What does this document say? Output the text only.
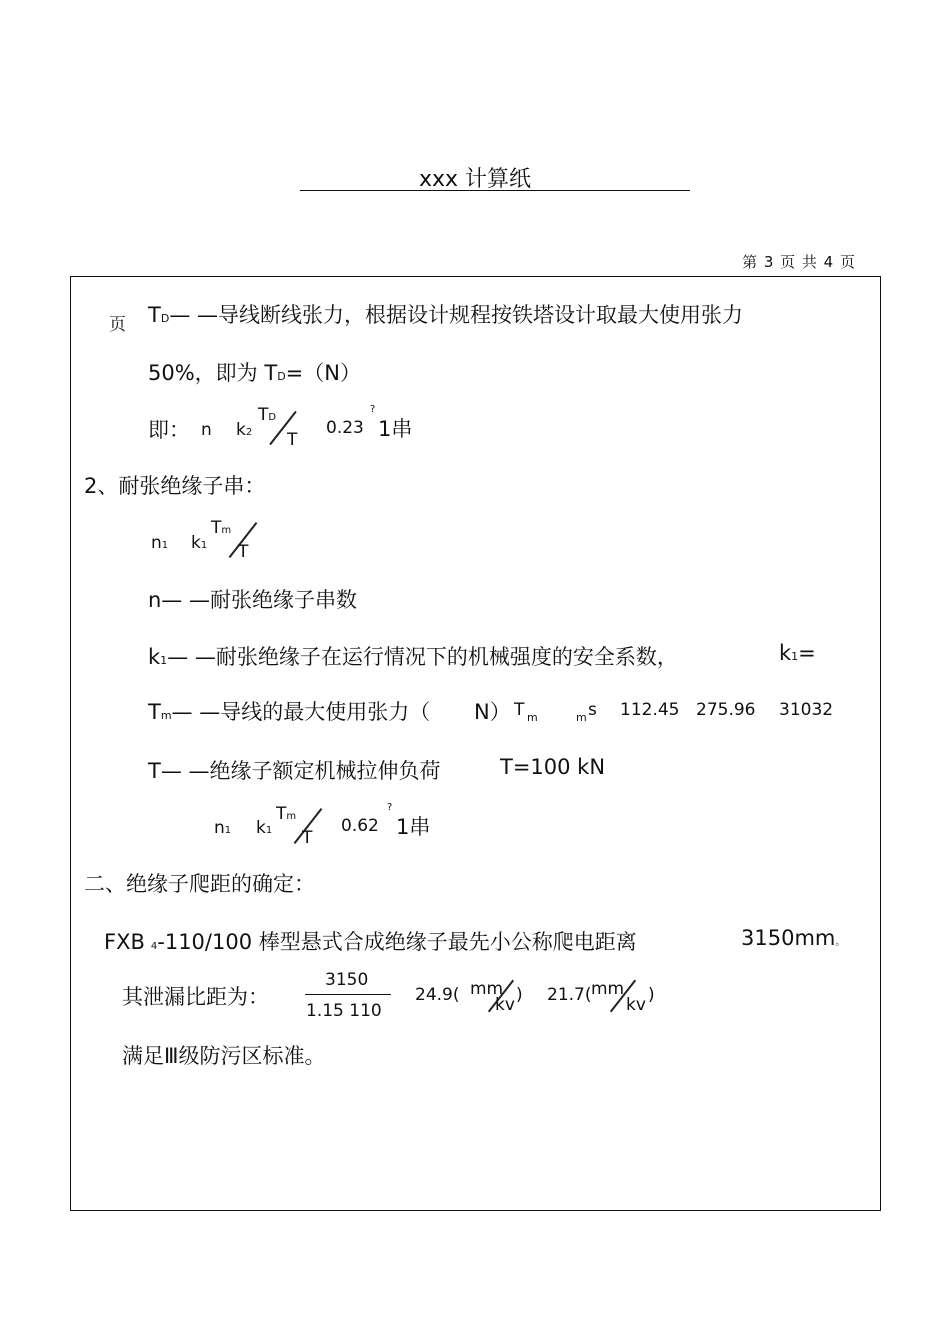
xxx 计算纸
第 3 页 共 4 页
页 TD— —导线断线张力，根据设计规程按铁塔设计取最大使用张力
50%，即为 TD=（N）
即： n k2
TD
T
0.23
?
1串
2、耐张绝缘子串：
n1 k1
Tm
T
n— —耐张绝缘子串数
k1— —耐张绝缘子在运行情况下的机械强度的安全系数，	k1=
Tm— —导线的最大使用张力（ N） T m	m s 112.45 275.96 31032
T— —绝缘子额定机械拉伸负荷	T=100 kN
n1 k1
Tm
T
0.62
?
1串
二、绝缘子爬距的确定：
FXB 4-110/100 棒型悬式合成绝缘子最先小公称爬电距离	3150mm。
其泄漏比距为：
3150
1.15 110
24.9( mm
kv ) 21.7( mm
kv )
满足Ⅲ级防污区标准。
